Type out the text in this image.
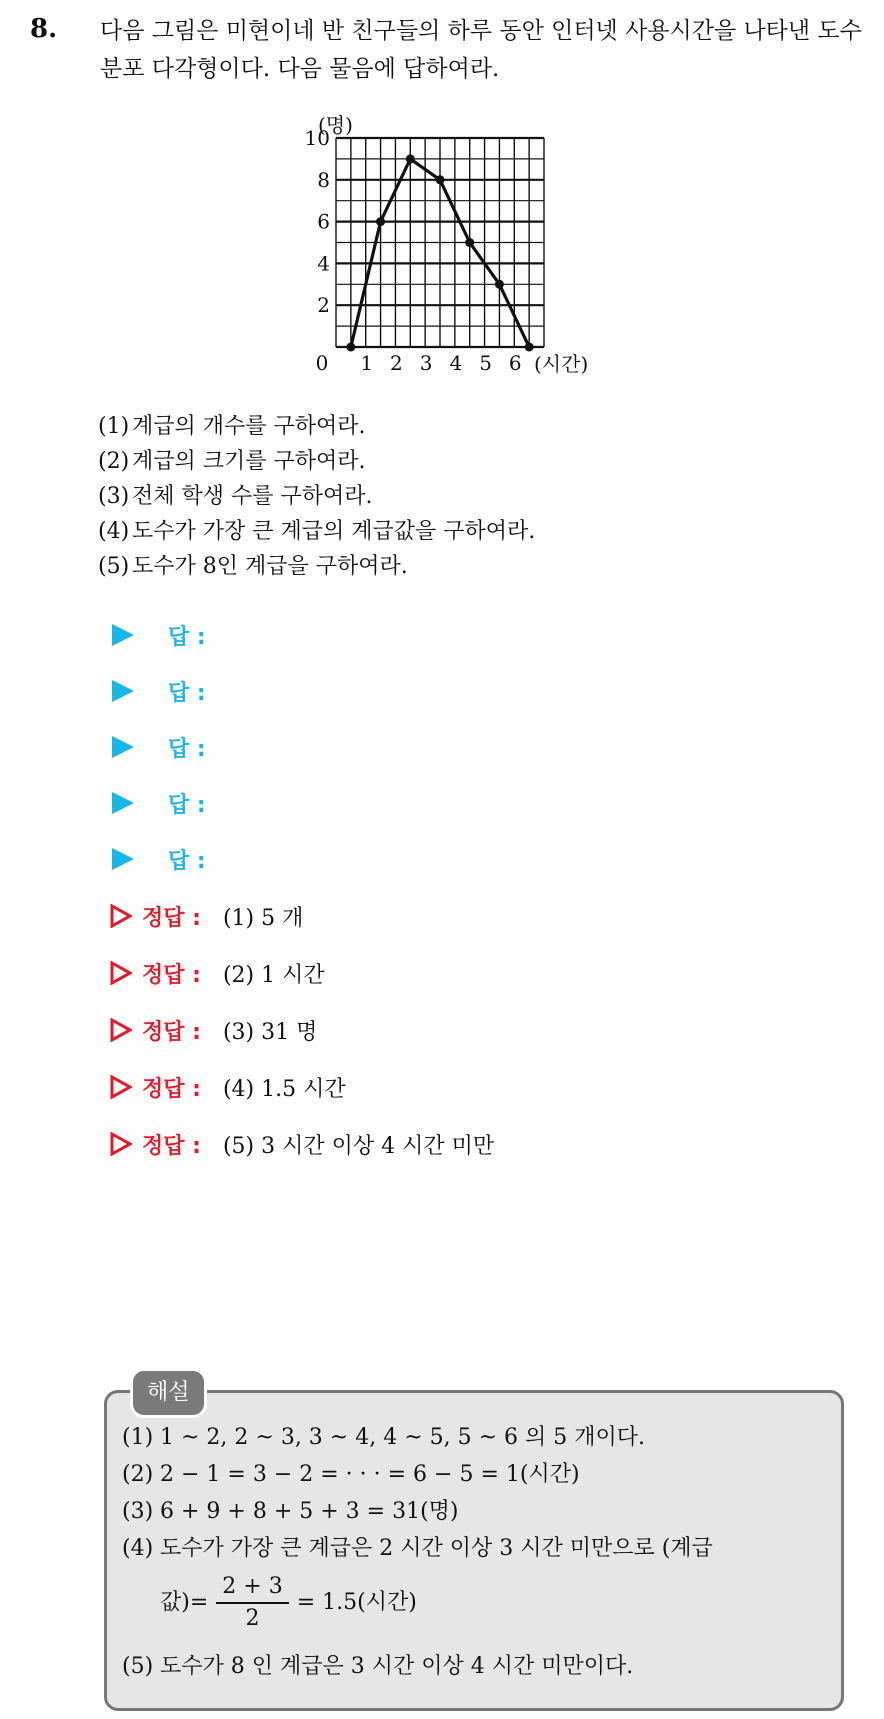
8. 다음 그림은 미현이네 반 친구들의 하루 동안 인터넷 사용시간을 나타낸 도수분포 다각형이다. 다음 물음에 답하여라.
2
4
6
8
10
0 1 2 3 4 5 6
(명)
(시간)
(1) 계급의 개수를 구하여라.
(2) 계급의 크기를 구하여라.
(3) 전체 학생 수를 구하여라.
(4) 도수가 가장 큰 계급의 계급값을 구하여라.
(5) 도수가 8인 계급을 구하여라.
답 :
답 :
답 :
답 :
답 :
정답 : (1) 5 개
정답 : (2) 1 시간
정답 : (3) 31 명
정답 : (4) 1.5 시간
정답 : (5) 3 시간 이상 4 시간 미만
해설
(1) 1 ~ 2, 2 ~ 3, 3 ~ 4, 4 ~ 5, 5 ~ 6 의 5 개이다.
(2) 2 − 1 = 3 − 2 = · · · = 6 − 5 = 1(시간)
(3) 6 + 9 + 8 + 5 + 3 = 31(명)
(4) 도수가 가장 큰 계급은 2 시간 이상 3 시간 미만으로 (계급
값)= $\frac{2 + 3}{2} = 1.5$(시간)
(5) 도수가 8 인 계급은 3 시간 이상 4 시간 미만이다.
